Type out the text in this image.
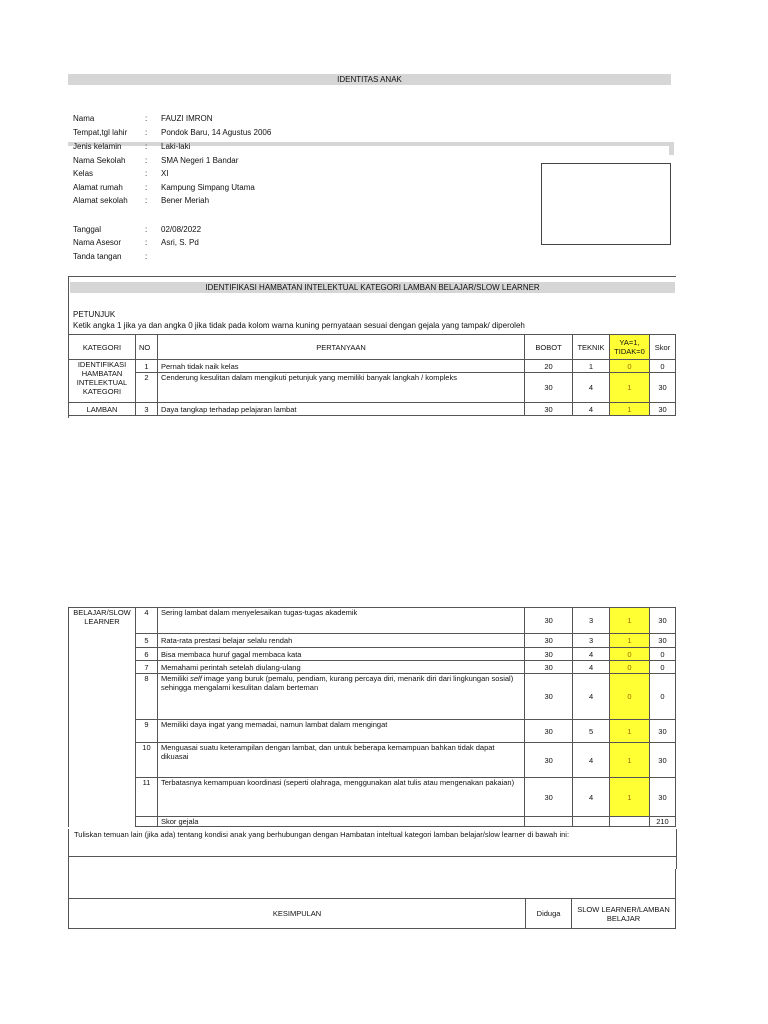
IDENTITAS ANAK
Nama	: FAUZI IMRON
Tempat,tgl lahir : Pondok Baru, 14 Agustus 2006
Jenis kelamin	: Laki-laki
Nama Sekolah : SMA Negeri 1 Bandar
Kelas	: XI
Alamat rumah	: Kampung Simpang Utama
Alamat sekolah : Bener Meriah
Tanggal	: 02/08/2022
Nama Asesor	: Asri, S. Pd
Tanda tangan	:
IDENTIFIKASI HAMBATAN INTELEKTUAL KATEGORI LAMBAN BELAJAR/SLOW LEARNER
PETUNJUK
Ketik angka 1 jika ya dan angka 0 jika tidak pada kolom warna kuning pernyataan sesuai dengan gejala yang tampak/ diperoleh
KATEGORI	NO	PERTANYAAN	BOBOT	TEKNIK	YA=1, TIDAK=0	Skor
IDENTIFIKASI HAMBATAN INTELEKTUAL KATEGORI	1	Pernah tidak naik kelas	20	1	0	0
	2	Cenderung kesulitan dalam mengikuti petunjuk yang memiliki banyak langkah / kompleks	30	4	1	30
LAMBAN	3	Daya tangkap terhadap pelajaran lambat	30	4	1	30
BELAJAR/SLOW LEARNER	4	Sering lambat dalam menyelesaikan tugas-tugas akademik	30	3	1	30
	5	Rata-rata prestasi belajar selalu rendah	30	3	1	30
	6	Bisa membaca huruf gagal membaca kata	30	4	0	0
	7	Memahami perintah setelah diulang-ulang	30	4	0	0
	8	Memiliki self image yang buruk (pemalu, pendiam, kurang percaya diri, menarik diri dari lingkungan sosial) sehingga mengalami kesulitan dalam berteman	30	4	0	0
	9	Memiliki daya ingat yang memadai, namun lambat dalam mengingat	30	5	1	30
	10	Menguasai suatu keterampilan dengan lambat, dan untuk beberapa kemampuan bahkan tidak dapat dikuasai	30	4	1	30
	11	Terbatasnya kemampuan koordinasi (seperti olahraga, menggunakan alat tulis atau mengenakan pakaian)	30	4	1	30
		Skor gejala				210
Tuliskan temuan lain (jika ada) tentang kondisi anak yang berhubungan dengan Hambatan inteltual kategori lamban belajar/slow learner di bawah ini:
KESIMPULAN	Diduga	SLOW LEARNER/LAMBAN BELAJAR
